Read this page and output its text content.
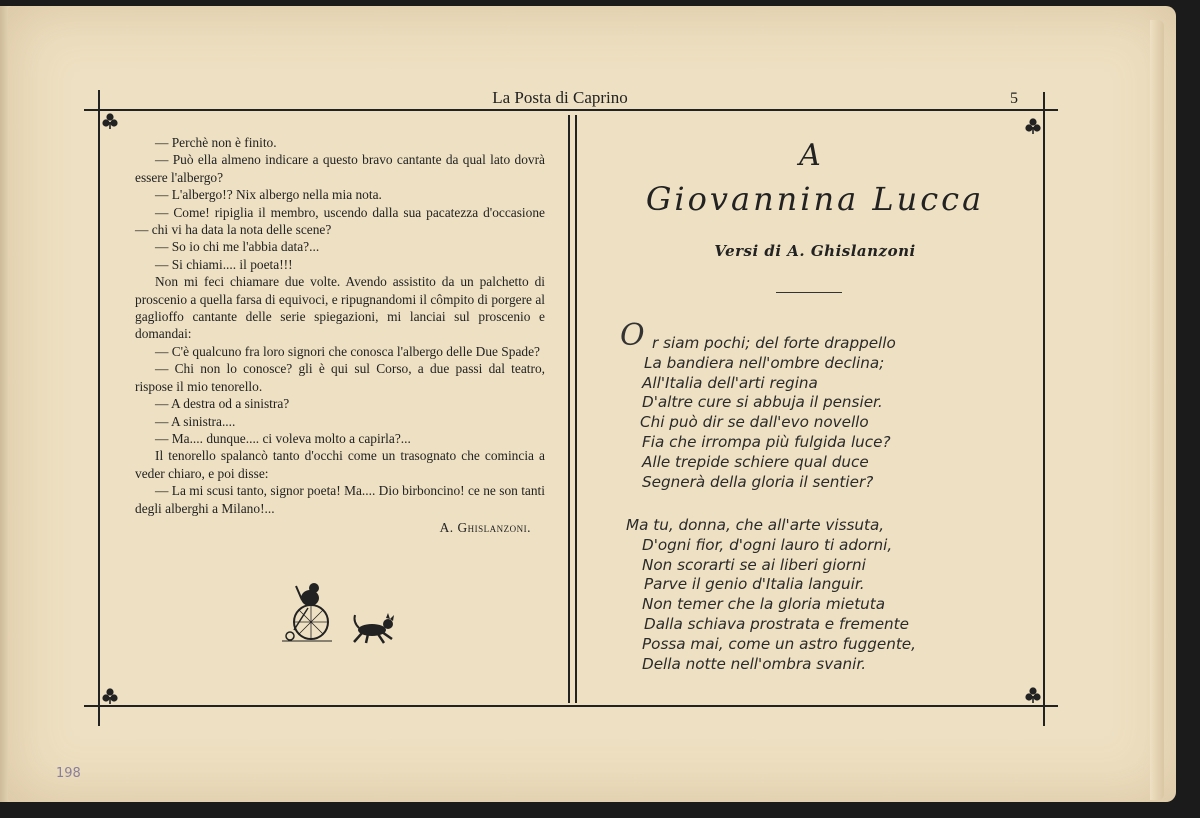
La Posta di Caprino	5

— Perchè non è finito.

— Può ella almeno indicare a questo bravo cantante da qual lato dovrà essere l'albergo?

— L'albergo!? Nix albergo nella mia nota.

— Come! ripiglia il membro, uscendo dalla sua pacatezza d'occasione — chi vi ha data la nota delle scene?

— So io chi me l'abbia data?...

— Si chiami.... il poeta!!!

Non mi feci chiamare due volte. Avendo assistito da un palchetto di proscenio a quella farsa di equivoci, e ripugnandomi il cômpito di porgere al gaglioffo cantante delle serie spiegazioni, mi lanciai sul proscenio e domandai:

— C'è qualcuno fra loro signori che conosca l'albergo delle Due Spade?

— Chi non lo conosce? gli è qui sul Corso, a due passi dal teatro, rispose il mio tenorello.

— A destra od a sinistra?

— A sinistra....

— Ma.... dunque.... ci voleva molto a capirla?...

Il tenorello spalancò tanto d'occhi come un trasognato che comincia a veder chiaro, e poi disse:

— La mi scusi tanto, signor poeta! Ma.... Dio birboncino! ce ne son tanti degli alberghi a Milano!...

A. Ghislanzoni.
A
Giovannina Lucca
Versi di A. Ghislanzoni
O r siam pochi; del forte drappello
La bandiera nell'ombre declina;
All'Italia dell'arti regina
D'altre cure si abbuja il pensier.
Chi può dir se dall'evo novello
Fia che irrompa più fulgida luce?
Alle trepide schiere qual duce
Segnerà della gloria il sentier?
Ma tu, donna, che all'arte vissuta,
D'ogni fior, d'ogni lauro ti adorni,
Non scorarti se ai liberi giorni
Parve il genio d'Italia languir.
Non temer che la gloria mietuta
Dalla schiava prostrata e fremente
Possa mai, come un astro fuggente,
Della notte nell'ombra svanir.
198
